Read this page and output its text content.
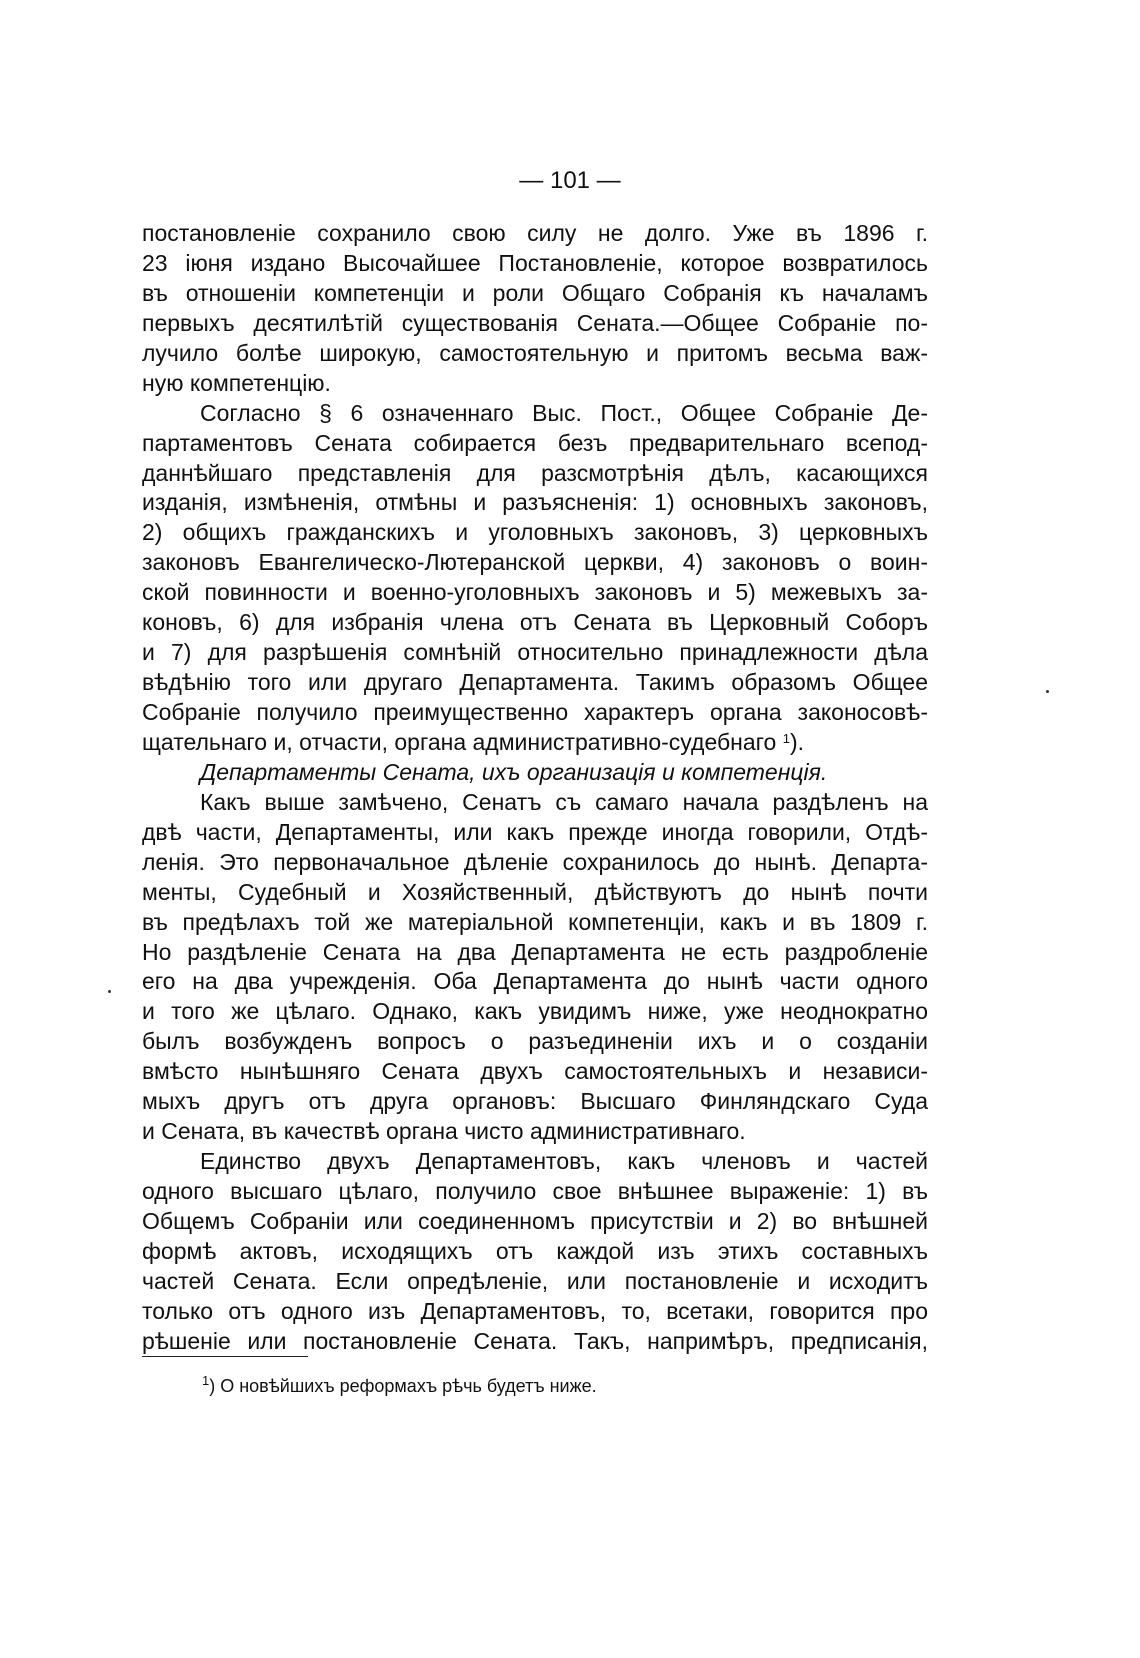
— 101 —
постановленіе сохранило свою силу не долго. Уже въ 1896 г.
23 іюня издано Высочайшее Постановленіе, которое возвратилось
въ отношеніи компетенціи и роли Общаго Собранія къ началамъ
первыхъ десятилѣтій существованія Сената.—Общее Собраніе по-
лучило болѣе широкую, самостоятельную и притомъ весьма важ-
ную компетенцію.
Согласно § 6 означеннаго Выс. Пост., Общее Собраніе Де-
партаментовъ Сената собирается безъ предварительнаго всепод-
даннѣйшаго представленія для разсмотрѣнія дѣлъ, касающихся
изданія, измѣненія, отмѣны и разъясненія: 1) основныхъ законовъ,
2) общихъ гражданскихъ и уголовныхъ законовъ, 3) церковныхъ
законовъ Евангелическо-Лютеранской церкви, 4) законовъ о воин-
ской повинности и военно-уголовныхъ законовъ и 5) межевыхъ за-
коновъ, 6) для избранія члена отъ Сената въ Церковный Соборъ
и 7) для разрѣшенія сомнѣній относительно принадлежности дѣла
вѣдѣнію того или другаго Департамента. Такимъ образомъ Общее
Собраніе получило преимущественно характеръ органа законосовѣ-
щательнаго и, отчасти, органа административно-судебнаго $^1$).
Департаменты Сената, ихъ организація и компетенція.
Какъ выше замѣчено, Сенатъ съ самаго начала раздѣленъ на
двѣ части, Департаменты, или какъ прежде иногда говорили, Отдѣ-
ленія. Это первоначальное дѣленіе сохранилось до нынѣ. Департа-
менты, Судебный и Хозяйственный, дѣйствуютъ до нынѣ почти
въ предѣлахъ той же матеріальной компетенціи, какъ и въ 1809 г.
Но раздѣленіе Сената на два Департамента не есть раздробленіе
его на два учрежденія. Оба Департамента до нынѣ части одного
и того же цѣлаго. Однако, какъ увидимъ ниже, уже неоднократно
былъ возбужденъ вопросъ о разъединеніи ихъ и о созданіи
вмѣсто нынѣшняго Сената двухъ самостоятельныхъ и независи-
мыхъ другъ отъ друга органовъ: Высшаго Финляндскаго Суда
и Сената, въ качествѣ органа чисто административнаго.
Единство двухъ Департаментовъ, какъ членовъ и частей
одного высшаго цѣлаго, получило свое внѣшнее выраженіе: 1) въ
Общемъ Собраніи или соединенномъ присутствіи и 2) во внѣшней
формѣ актовъ, исходящихъ отъ каждой изъ этихъ составныхъ
частей Сената. Если опредѣленіе, или постановленіе и исходитъ
только отъ одного изъ Департаментовъ, то, всетаки, говорится про
рѣшеніе или постановленіе Сената. Такъ, напримѣръ, предписанія,
$^1$) О новѣйшихъ реформахъ рѣчь будетъ ниже.
